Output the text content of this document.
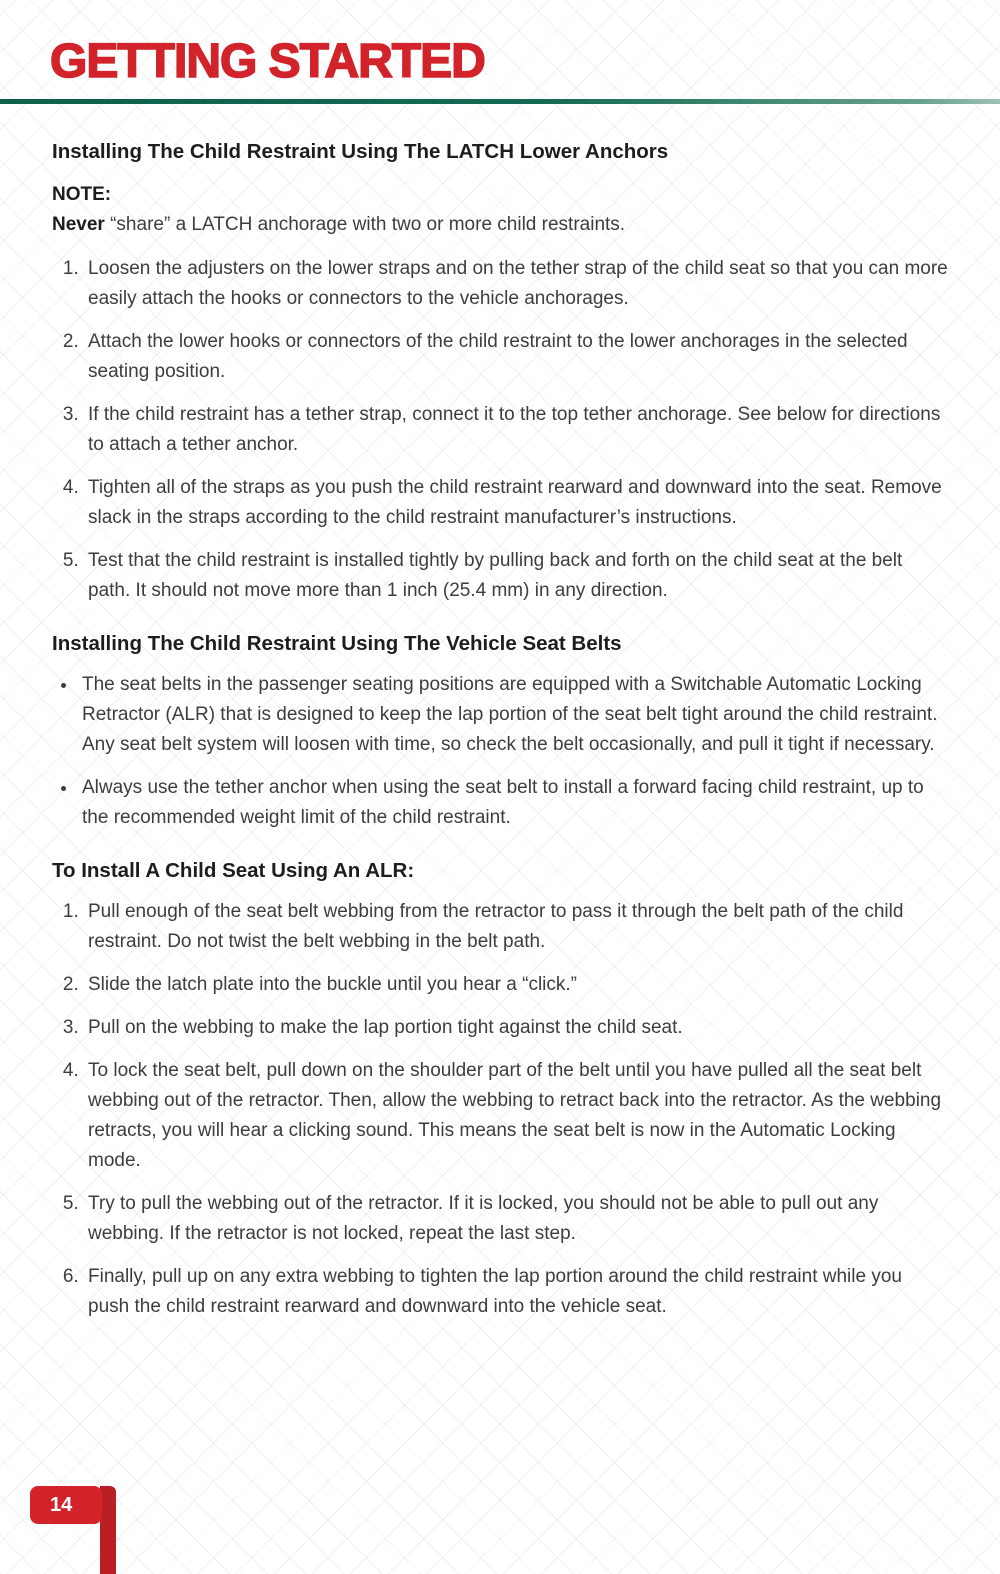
GETTING STARTED
Installing The Child Restraint Using The LATCH Lower Anchors

NOTE:
Never “share” a LATCH anchorage with two or more child restraints.

1. Loosen the adjusters on the lower straps and on the tether strap of the child seat so that you can more easily attach the hooks or connectors to the vehicle anchorages.
2. Attach the lower hooks or connectors of the child restraint to the lower anchorages in the selected seating position.
3. If the child restraint has a tether strap, connect it to the top tether anchorage. See below for directions to attach a tether anchor.
4. Tighten all of the straps as you push the child restraint rearward and downward into the seat. Remove slack in the straps according to the child restraint manufacturer’s instructions.
5. Test that the child restraint is installed tightly by pulling back and forth on the child seat at the belt path. It should not move more than 1 inch (25.4 mm) in any direction.
Installing The Child Restraint Using The Vehicle Seat Belts
• The seat belts in the passenger seating positions are equipped with a Switchable Automatic Locking Retractor (ALR) that is designed to keep the lap portion of the seat belt tight around the child restraint. Any seat belt system will loosen with time, so check the belt occasionally, and pull it tight if necessary.
• Always use the tether anchor when using the seat belt to install a forward facing child restraint, up to the recommended weight limit of the child restraint.
To Install A Child Seat Using An ALR:
1. Pull enough of the seat belt webbing from the retractor to pass it through the belt path of the child restraint. Do not twist the belt webbing in the belt path.
2. Slide the latch plate into the buckle until you hear a “click.”
3. Pull on the webbing to make the lap portion tight against the child seat.
4. To lock the seat belt, pull down on the shoulder part of the belt until you have pulled all the seat belt webbing out of the retractor. Then, allow the webbing to retract back into the retractor. As the webbing retracts, you will hear a clicking sound. This means the seat belt is now in the Automatic Locking mode.
5. Try to pull the webbing out of the retractor. If it is locked, you should not be able to pull out any webbing. If the retractor is not locked, repeat the last step.
6. Finally, pull up on any extra webbing to tighten the lap portion around the child restraint while you push the child restraint rearward and downward into the vehicle seat.
14
